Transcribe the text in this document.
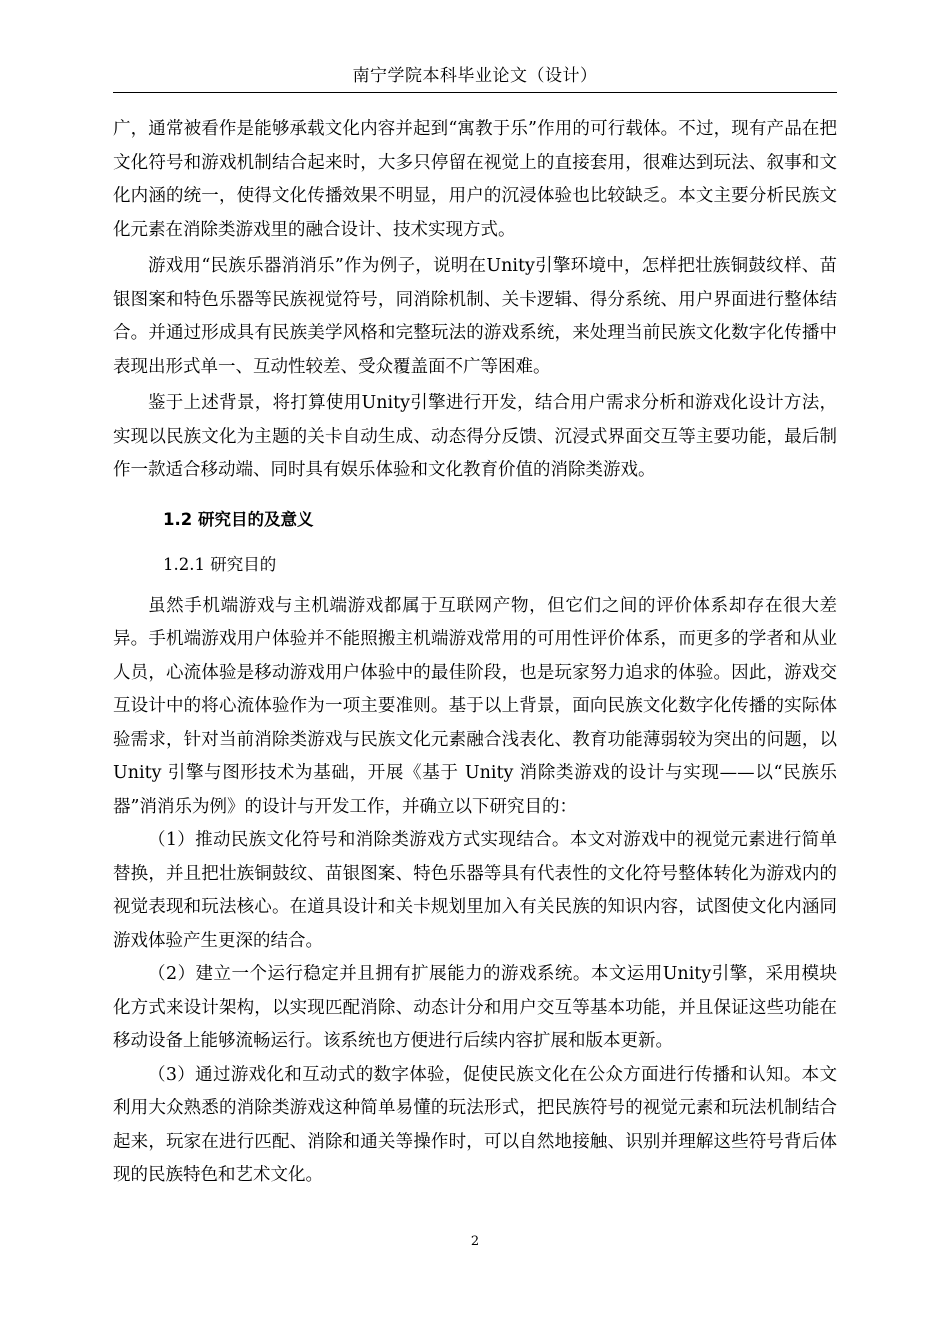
南宁学院本科毕业论文（设计）

广，通常被看作是能够承载文化内容并起到“寓教于乐”作用的可行载体。不过，现有产品在把文化符号和游戏机制结合起来时，大多只停留在视觉上的直接套用，很难达到玩法、叙事和文化内涵的统一，使得文化传播效果不明显，用户的沉浸体验也比较缺乏。本文主要分析民族文化元素在消除类游戏里的融合设计、技术实现方式。

游戏用“民族乐器消消乐”作为例子，说明在Unity引擎环境中，怎样把壮族铜鼓纹样、苗银图案和特色乐器等民族视觉符号，同消除机制、关卡逻辑、得分系统、用户界面进行整体结合。并通过形成具有民族美学风格和完整玩法的游戏系统，来处理当前民族文化数字化传播中表现出形式单一、互动性较差、受众覆盖面不广等困难。

鉴于上述背景，将打算使用Unity引擎进行开发，结合用户需求分析和游戏化设计方法，实现以民族文化为主题的关卡自动生成、动态得分反馈、沉浸式界面交互等主要功能，最后制作一款适合移动端、同时具有娱乐体验和文化教育价值的消除类游戏。

1.2 研究目的及意义
1.2.1 研究目的

虽然手机端游戏与主机端游戏都属于互联网产物，但它们之间的评价体系却存在很大差异。手机端游戏用户体验并不能照搬主机端游戏常用的可用性评价体系，而更多的学者和从业人员，心流体验是移动游戏用户体验中的最佳阶段，也是玩家努力追求的体验。因此，游戏交互设计中的将心流体验作为一项主要准则。基于以上背景，面向民族文化数字化传播的实际体验需求，针对当前消除类游戏与民族文化元素融合浅表化、教育功能薄弱较为突出的问题，以 Unity 引擎与图形技术为基础，开展《基于 Unity 消除类游戏的设计与实现——以“民族乐器”消消乐为例》的设计与开发工作，并确立以下研究目的：

（1）推动民族文化符号和消除类游戏方式实现结合。本文对游戏中的视觉元素进行简单替换，并且把壮族铜鼓纹、苗银图案、特色乐器等具有代表性的文化符号整体转化为游戏内的视觉表现和玩法核心。在道具设计和关卡规划里加入有关民族的知识内容，试图使文化内涵同游戏体验产生更深的结合。

（2）建立一个运行稳定并且拥有扩展能力的游戏系统。本文运用Unity引擎，采用模块化方式来设计架构，以实现匹配消除、动态计分和用户交互等基本功能，并且保证这些功能在移动设备上能够流畅运行。该系统也方便进行后续内容扩展和版本更新。

（3）通过游戏化和互动式的数字体验，促使民族文化在公众方面进行传播和认知。本文利用大众熟悉的消除类游戏这种简单易懂的玩法形式，把民族符号的视觉元素和玩法机制结合起来，玩家在进行匹配、消除和通关等操作时，可以自然地接触、识别并理解这些符号背后体现的民族特色和艺术文化。

2
